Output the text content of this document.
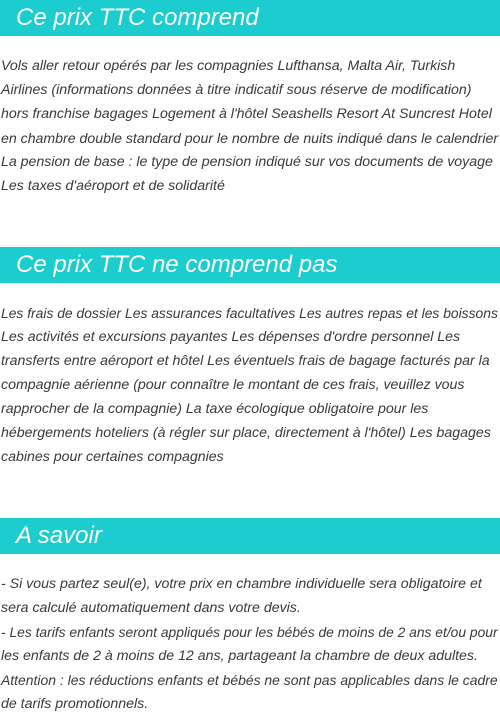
Ce prix TTC comprend

Vols aller retour opérés par les compagnies Lufthansa, Malta Air, Turkish
Airlines (informations données à titre indicatif sous réserve de modification)
hors franchise bagages Logement à l'hôtel Seashells Resort At Suncrest Hotel
en chambre double standard pour le nombre de nuits indiqué dans le calendrier
La pension de base : le type de pension indiqué sur vos documents de voyage
Les taxes d'aéroport et de solidarité

Ce prix TTC ne comprend pas

Les frais de dossier Les assurances facultatives Les autres repas et les boissons
Les activités et excursions payantes Les dépenses d'ordre personnel Les
transferts entre aéroport et hôtel Les éventuels frais de bagage facturés par la
compagnie aérienne (pour connaître le montant de ces frais, veuillez vous
rapprocher de la compagnie) La taxe écologique obligatoire pour les
hébergements hoteliers (à régler sur place, directement à l'hôtel) Les bagages
cabines pour certaines compagnies

A savoir

- Si vous partez seul(e), votre prix en chambre individuelle sera obligatoire et
sera calculé automatiquement dans votre devis.
- Les tarifs enfants seront appliqués pour les bébés de moins de 2 ans et/ou pour
les enfants de 2 à moins de 12 ans, partageant la chambre de deux adultes.
Attention : les réductions enfants et bébés ne sont pas applicables dans le cadre
de tarifs promotionnels.
